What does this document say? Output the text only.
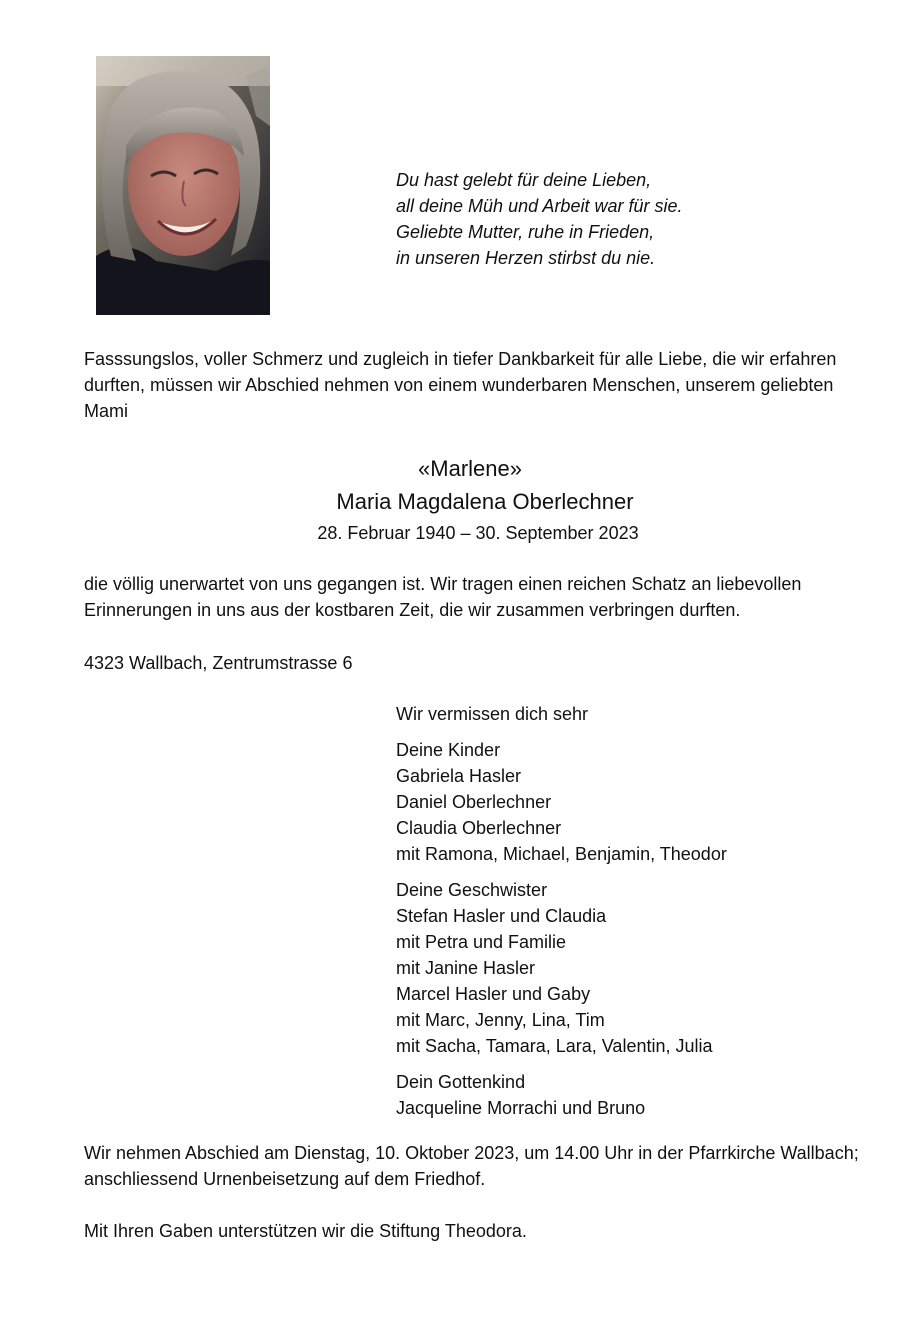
Du hast gelebt für deine Lieben,
all deine Müh und Arbeit war für sie.
Geliebte Mutter, ruhe in Frieden,
in unseren Herzen stirbst du nie.
Fasssungslos, voller Schmerz und zugleich in tiefer Dankbarkeit für alle Liebe, die wir erfahren durften, müssen wir Abschied nehmen von einem wunderbaren Menschen, unserem geliebten Mami
«Marlene»
Maria Magdalena Oberlechner
28. Februar 1940 – 30. September 2023
die völlig unerwartet von uns gegangen ist. Wir tragen einen reichen Schatz an liebevollen Erinnerungen in uns aus der kostbaren Zeit, die wir zusammen verbringen durften.
4323 Wallbach, Zentrumstrasse 6
Wir vermissen dich sehr
Deine Kinder
Gabriela Hasler
Daniel Oberlechner
Claudia Oberlechner
mit Ramona, Michael, Benjamin, Theodor
Deine Geschwister
Stefan Hasler und Claudia
mit Petra und Familie
mit Janine Hasler
Marcel Hasler und Gaby
mit Marc, Jenny, Lina, Tim
mit Sacha, Tamara, Lara, Valentin, Julia
Dein Gottenkind
Jacqueline Morrachi und Bruno
Wir nehmen Abschied am Dienstag, 10. Oktober 2023, um 14.00 Uhr in der Pfarrkirche Wallbach; anschliessend Urnenbeisetzung auf dem Friedhof.
Mit Ihren Gaben unterstützen wir die Stiftung Theodora.
